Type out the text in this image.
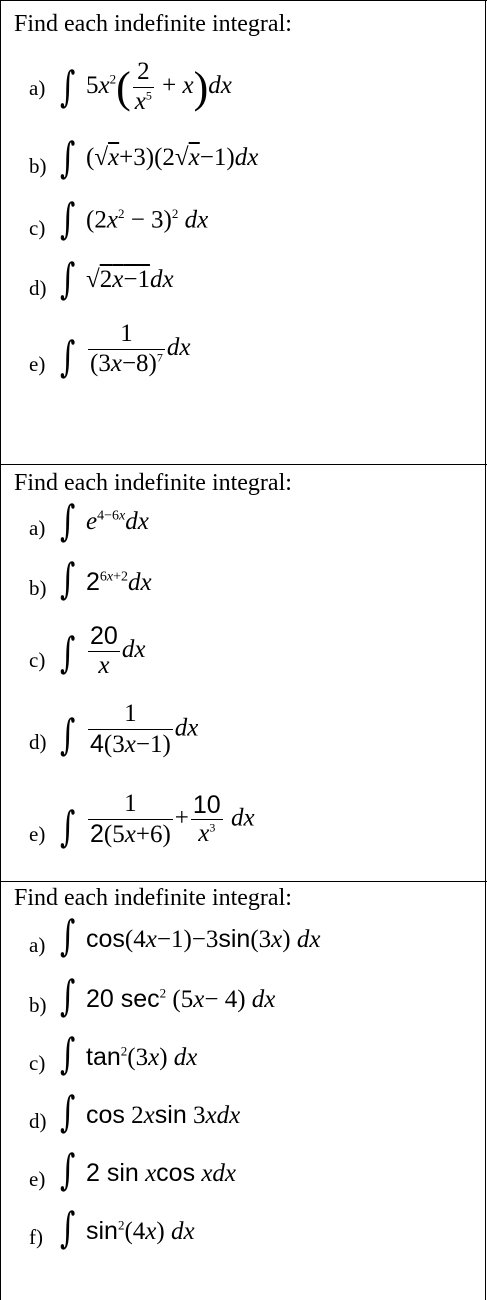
Find each indefinite integral:
a) ∫ $5x^2( \frac{2}{x^5} + x)dx$
b) ∫ (√x+3)(2√x−1)dx
c) ∫ $(2x^2 - 3)^2$ dx
d) ∫ √2x−1dx
e) ∫ $\frac{1}{(3x-8)^7}$ dx
Find each indefinite integral:
a) ∫ $e^{4-6x}dx$
b) ∫ $2^{6x+2}dx$
c) ∫ $\frac{20}{x}$ dx
d) ∫ $\frac{1}{4(3x-1)}$ dx
e) ∫ $\frac{1}{2(5x+6)} + \frac{10}{x^3}$ dx
Find each indefinite integral:
a) ∫ cos(4x−1)−3sin(3x) dx
b) ∫ 20 $\sec^2 (5x- 4)$ dx
c) ∫ $\tan^2(3x)$ dx
d) ∫ cos 2xsin 3xdx
e) ∫ 2 sin xcos xdx
f) ∫ $\sin^2(4x)$ dx
